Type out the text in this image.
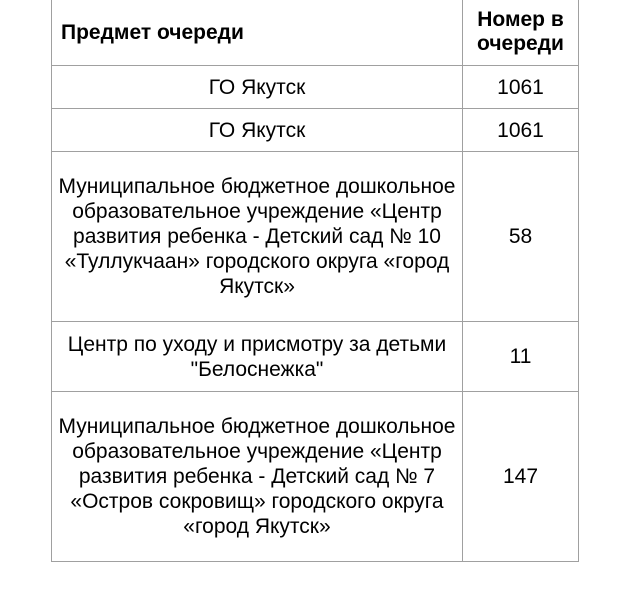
Предмет очереди	Номер в
очереди
ГО Якутск	1061
ГО Якутск	1061
Муниципальное бюджетное дошкольное образовательное учреждение «Центр развития ребенка - Детский сад № 10 «Туллукчаан» городского округа «город Якутск»	58
Центр по уходу и присмотру за детьми "Белоснежка"	11
Муниципальное бюджетное дошкольное образовательное учреждение «Центр развития ребенка - Детский сад № 7 «Остров сокровищ» городского округа «город Якутск»	147
